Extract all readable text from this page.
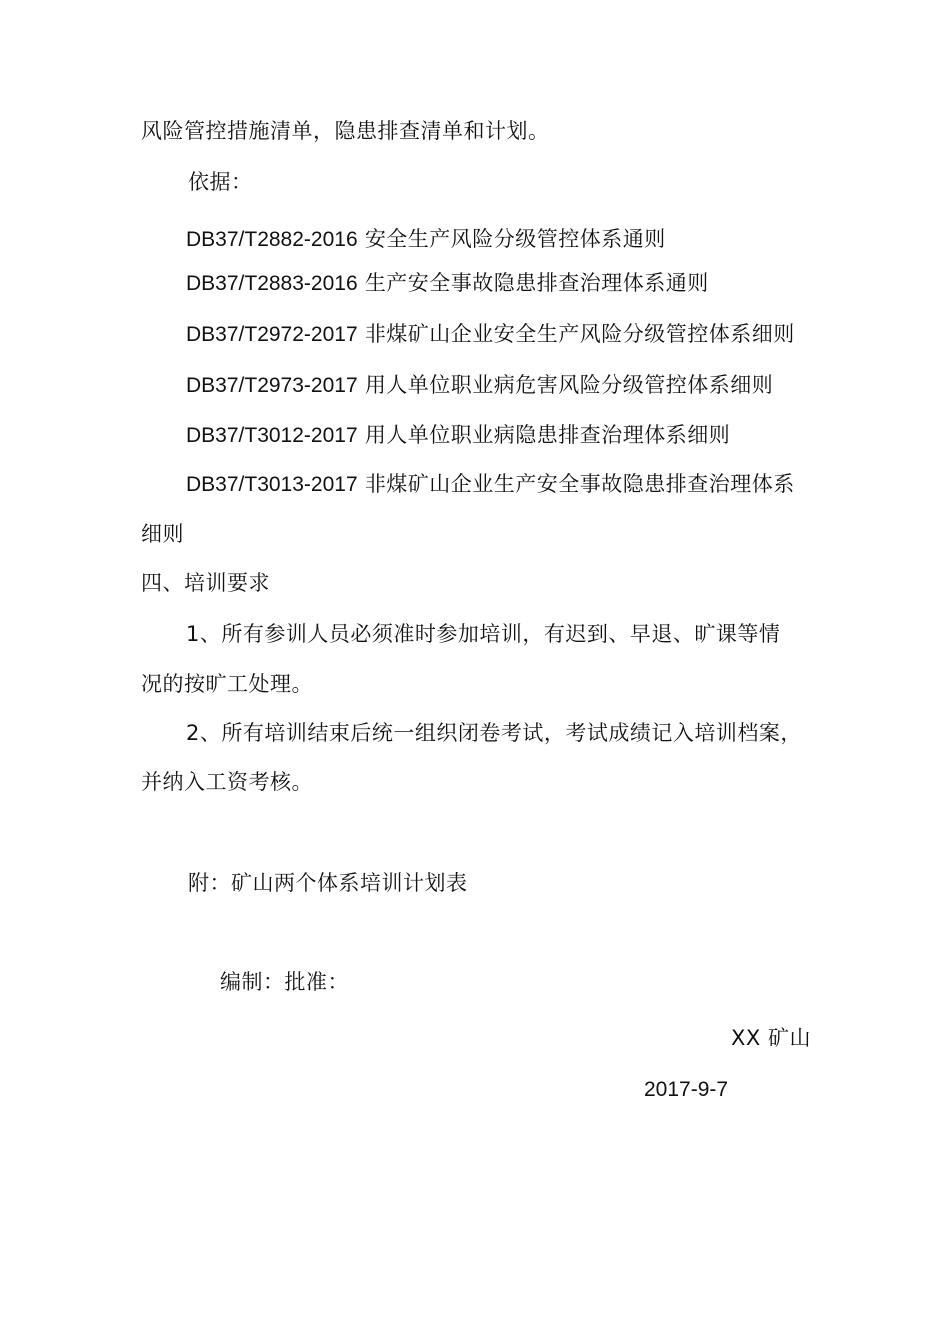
风险管控措施清单，隐患排查清单和计划。
依据：
DB37/T2882-2016 安全生产风险分级管控体系通则
DB37/T2883-2016 生产安全事故隐患排查治理体系通则
DB37/T2972-2017 非煤矿山企业安全生产风险分级管控体系细则
DB37/T2973-2017 用人单位职业病危害风险分级管控体系细则
DB37/T3012-2017 用人单位职业病隐患排查治理体系细则
DB37/T3013-2017 非煤矿山企业生产安全事故隐患排查治理体系
细则
四、培训要求
1、所有参训人员必须准时参加培训，有迟到、早退、旷课等情
况的按旷工处理。
2、所有培训结束后统一组织闭卷考试，考试成绩记入培训档案，
并纳入工资考核。
附：矿山两个体系培训计划表
编制：批准：
XX 矿山
2017-9-7
